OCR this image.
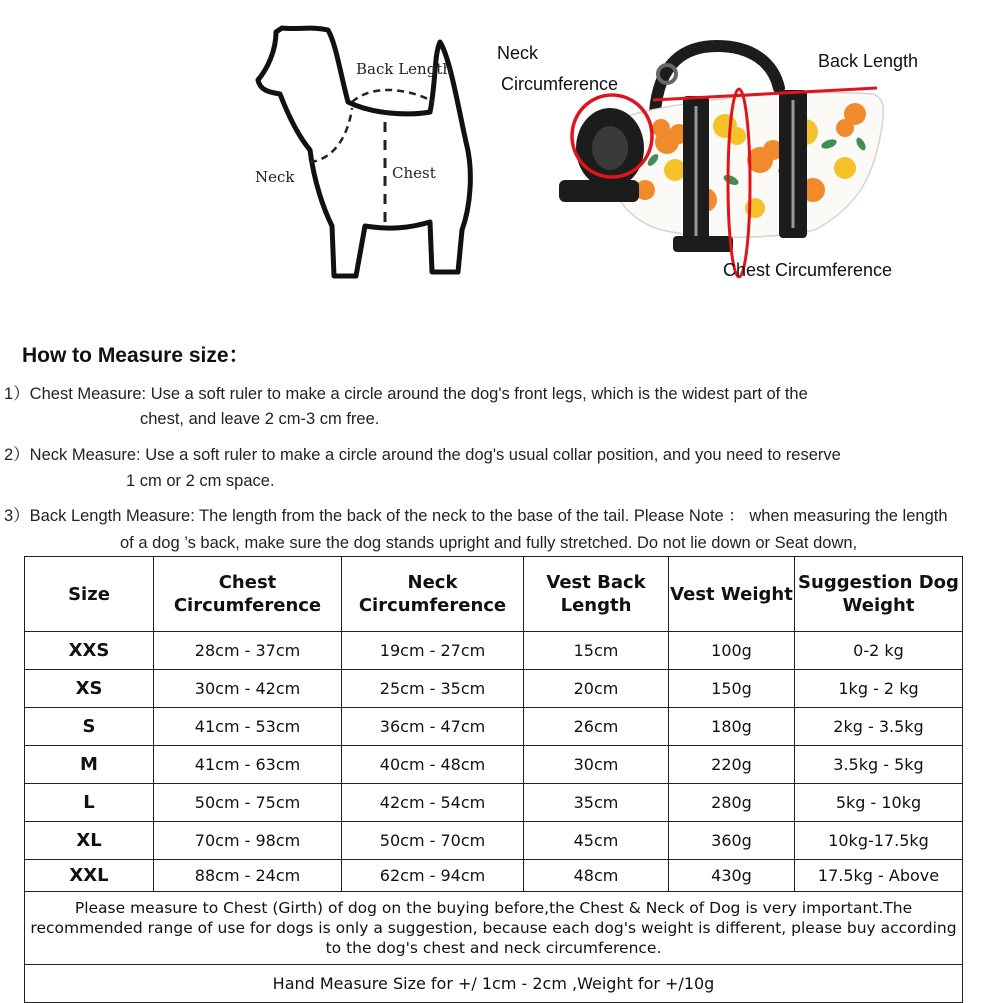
Back Length
Neck	Chest
Neck
Circumference
Back Length
Chest Circumference
How to Measure size：
1）Chest Measure: Use a soft ruler to make a circle around the dog's front legs, which is the widest part of the
chest, and leave 2 cm-3 cm free.
2）Neck Measure: Use a soft ruler to make a circle around the dog's usual collar position, and you need to reserve
1 cm or 2 cm space.
3）Back Length Measure: The length from the back of the neck to the base of the tail. Please Note ： when measuring the length
of a dog ’s back, make sure the dog stands upright and fully stretched. Do not lie down or Seat down,
Size	Chest Circumference	Neck Circumference	Vest Back Length	Vest Weight	Suggestion Dog Weight
XXS	28cm - 37cm	19cm - 27cm	15cm	100g	0-2 kg
XS	30cm - 42cm	25cm - 35cm	20cm	150g	1kg - 2 kg
S	41cm - 53cm	36cm - 47cm	26cm	180g	2kg - 3.5kg
M	41cm - 63cm	40cm - 48cm	30cm	220g	3.5kg - 5kg
L	50cm - 75cm	42cm - 54cm	35cm	280g	5kg - 10kg
XL	70cm - 98cm	50cm - 70cm	45cm	360g	10kg-17.5kg
XXL	88cm - 24cm	62cm - 94cm	48cm	430g	17.5kg - Above
Please measure to Chest (Girth) of dog on the buying before,the Chest & Neck of Dog is very important.The recommended range of use for dogs is only a suggestion, because each dog's weight is different, please buy according to the dog's chest and neck circumference.					
Hand Measure Size for +/ 1cm - 2cm ,Weight for +/10g					
